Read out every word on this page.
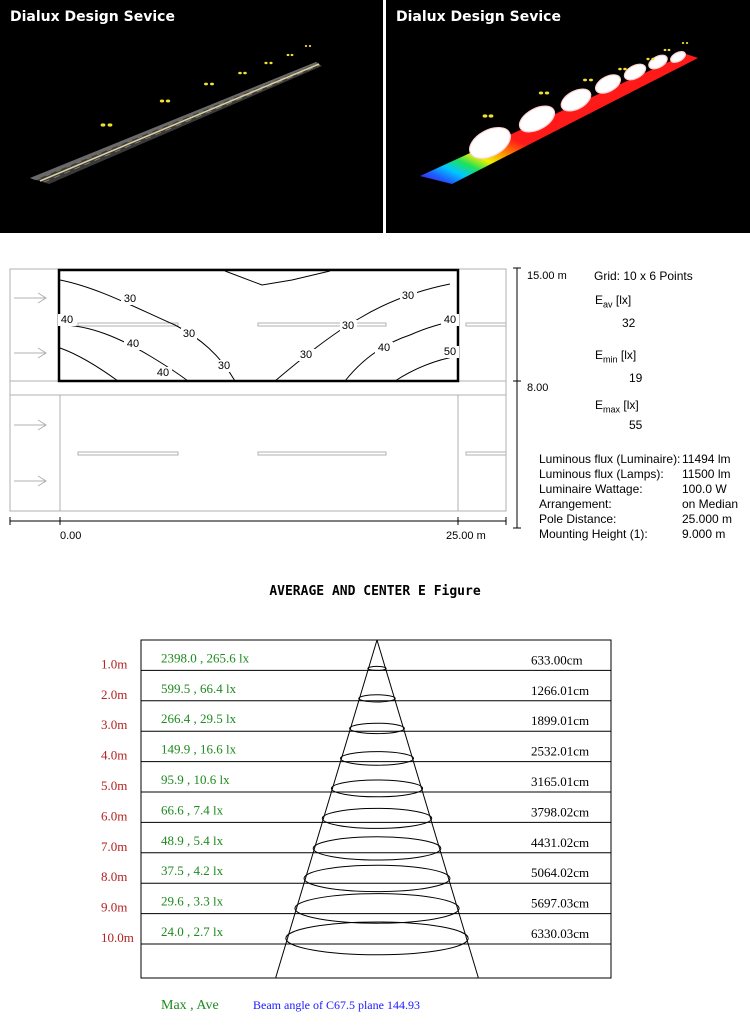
Dialux Design Sevice	Dialux Design Sevice
30
40
30
40
40
30
30
30
30
40
40
50
15.00 m
8.00
0.00	25.00 m
Grid: 10 x 6 Points
$E_{av}$ [lx]
32
$E_{min}$ [lx]
19
$E_{max}$ [lx]
55
Luminous flux (Luminaire): 11494 lm
Luminous flux (Lamps):	11500 lm
Luminaire Wattage:	100.0 W
Arrangement:	on Median
Pole Distance:	25.000 m
Mounting Height (1):	9.000 m
AVERAGE AND CENTER E Figure
1.0m	2398.0 , 265.6 lx	633.00cm
2.0m	599.5 , 66.4 lx	1266.01cm
3.0m	266.4 , 29.5 lx	1899.01cm
4.0m	149.9 , 16.6 lx	2532.01cm
5.0m	95.9 , 10.6 lx	3165.01cm
6.0m	66.6 , 7.4 lx	3798.02cm
7.0m	48.9 , 5.4 lx	4431.02cm
8.0m	37.5 , 4.2 lx	5064.02cm
9.0m	29.6 , 3.3 lx	5697.03cm
10.0m 24.0 , 2.7 lx	6330.03cm
Max , Ave	Beam angle of C67.5 plane 144.93
